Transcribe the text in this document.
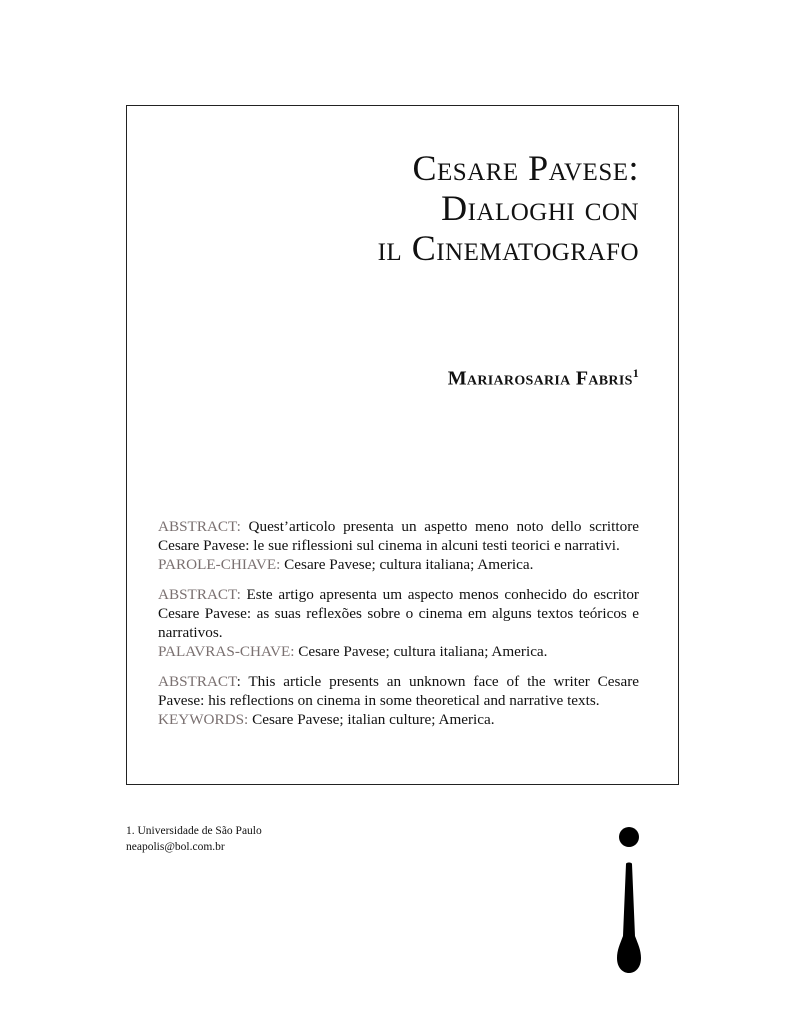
Cesare Pavese:
Dialoghi con
il Cinematografo
Mariarosaria Fabris$^1$

ABSTRACT: Quest’articolo presenta un aspetto meno noto dello scrittore Cesare Pavese: le sue riflessioni sul cinema in alcuni testi teorici e narrativi.
PAROLE-CHIAVE: Cesare Pavese; cultura italiana; America.

ABSTRACT: Este artigo apresenta um aspecto menos conhecido do escritor Cesare Pavese: as suas reflexões sobre o cinema em alguns textos teóricos e narrativos.
PALAVRAS-CHAVE: Cesare Pavese; cultura italiana; America.

ABSTRACT: This article presents an unknown face of the writer Cesare Pavese: his reflections on cinema in some theoretical and narrative texts.
KEYWORDS: Cesare Pavese; italian culture; America.

1. Universidade de São Paulo
neapolis@bol.com.br
